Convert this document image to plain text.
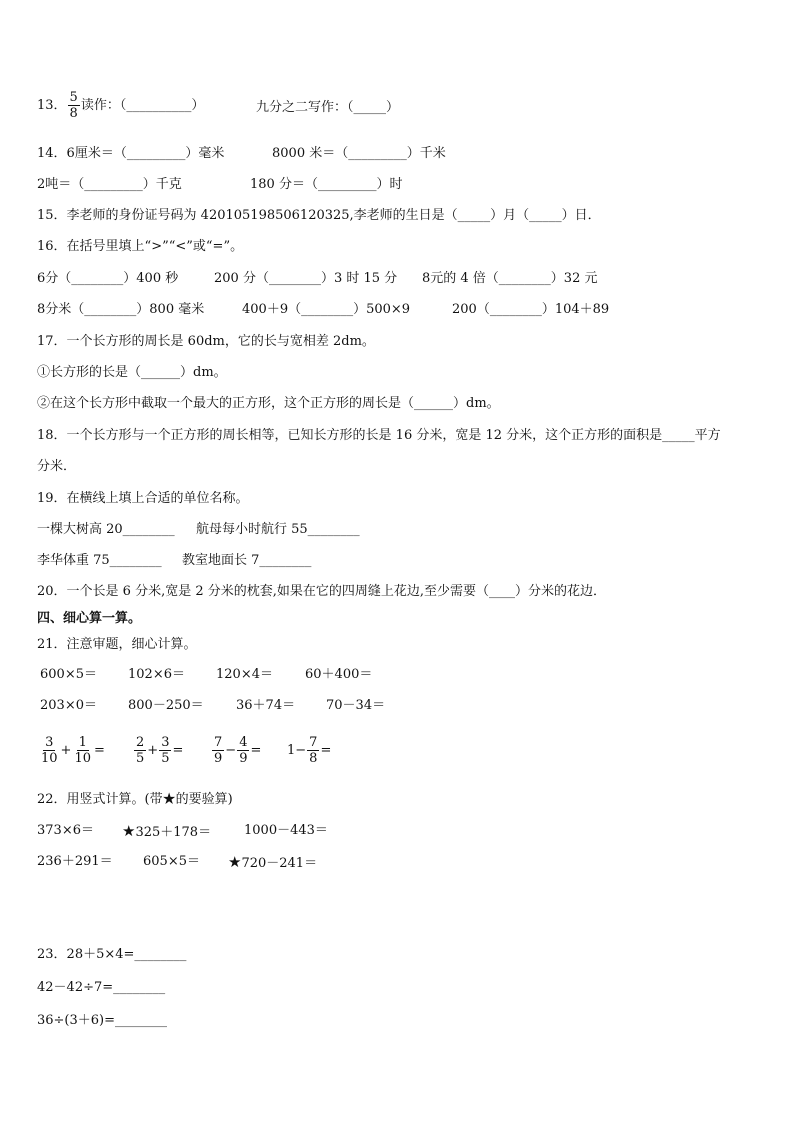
13． $\frac{5}{8}$ 读作：（__________）	九分之二写作：（_____）
14．6厘米＝（_________）毫米	8000 米＝（_________）千米
2吨＝（_________）千克	180 分＝（_________）时
15．李老师的身份证号码为 420105198506120325,李老师的生日是（_____）月（_____）日．
16．在括号里填上“>”“<”或“=”。
6分（________）400 秒	200 分（________）3 时 15 分 8元的 4 倍（________）32 元
8分米（________）800 毫米	400＋9（________）500×9	200（________）104＋89
17．一个长方形的周长是 60dm，它的长与宽相差 2dm。
①长方形的长是（______）dm。
②在这个长方形中截取一个最大的正方形，这个正方形的周长是（______）dm。
18．一个长方形与一个正方形的周长相等，已知长方形的长是 16 分米，宽是 12 分米，这个正方形的面积是_____平方
分米．
19．在横线上填上合适的单位名称。
一棵大树高 20________ 航母每小时航行 55________
李华体重 75________ 教室地面长 7________
20．一个长是 6 分米,宽是 2 分米的枕套,如果在它的四周缝上花边,至少需要（____）分米的花边．
四、细心算一算。
21．注意审题，细心计算。
600×5＝ 102×6＝ 120×4＝ 60＋400＝
203×0＝ 800－250＝ 36＋74＝ 70－34＝
$\frac{3}{10} + \frac{1}{10} = \frac{2}{5} + \frac{3}{5} = \frac{7}{9} - \frac{4}{9} = 1- \frac{7}{8}$ =
22．用竖式计算。(带★的要验算)
373×6＝ ★325＋178＝	1000－443＝
236＋291＝ 605×5＝ ★720－241＝
23．28＋5×4=________
42－42÷7=________
36÷(3＋6)=________
